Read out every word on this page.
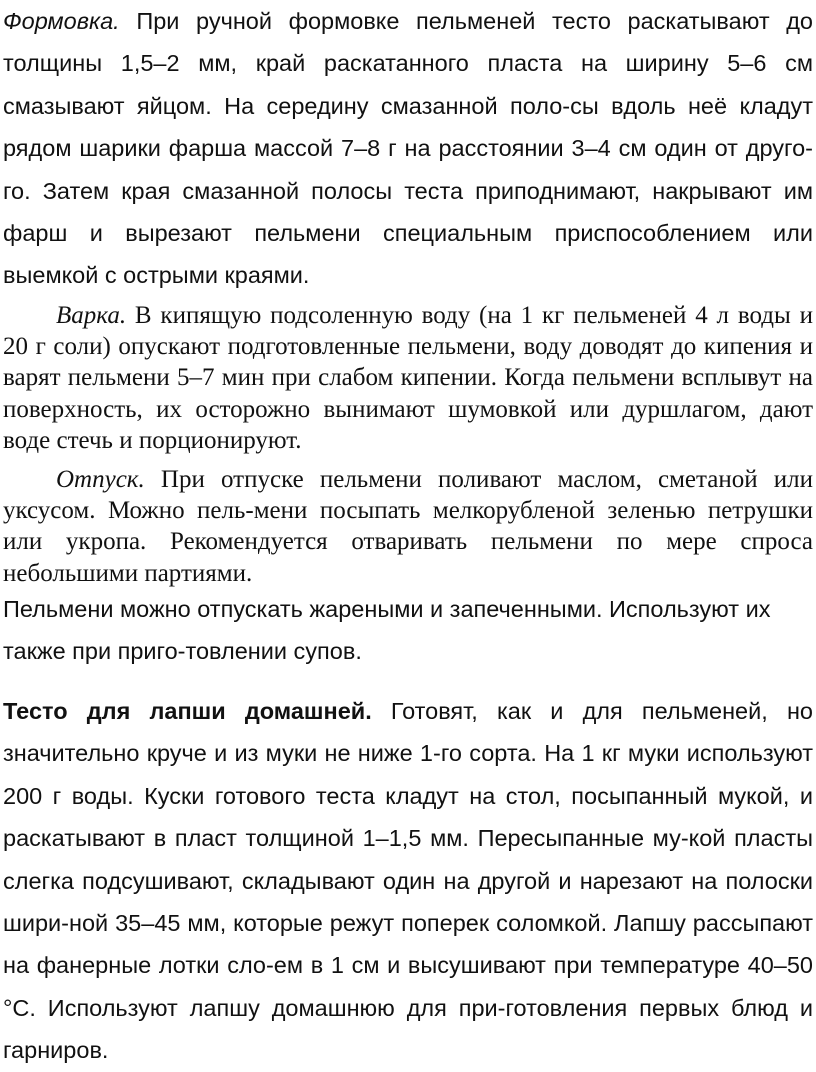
Формовка. При ручной формовке пельменей тесто раскатывают до толщины 1,5–2 мм, край раскатанного пласта на ширину 5–6 см смазывают яйцом. На середину смазанной поло-сы вдоль неё кладут рядом шарики фарша массой 7–8 г на расстоянии 3–4 см один от друго-го. Затем края смазанной полосы теста приподнимают, накрывают им фарш и вырезают пельмени специальным приспособлением или выемкой с острыми краями.

Варка. В кипящую подсоленную воду (на 1 кг пельменей 4 л воды и 20 г соли) опускают подготовленные пельмени, воду доводят до кипения и варят пельмени 5–7 мин при слабом кипении. Когда пельмени всплывут на поверхность, их осторожно вынимают шумовкой или дуршлагом, дают воде стечь и порционируют.

Отпуск. При отпуске пельмени поливают маслом, сметаной или уксусом. Можно пель-мени посыпать мелкорубленой зеленью петрушки или укропа. Рекомендуется отваривать пельмени по мере спроса небольшими партиями.

Пельмени можно отпускать жареными и запеченными. Используют их также при приго-товлении супов.

Тесто для лапши домашней. Готовят, как и для пельменей, но значительно круче и из муки не ниже 1-го сорта. На 1 кг муки используют 200 г воды. Куски готового теста кладут на стол, посыпанный мукой, и раскатывают в пласт толщиной 1–1,5 мм. Пересыпанные му-кой пласты слегка подсушивают, складывают один на другой и нарезают на полоски шири-ной 35–45 мм, которые режут поперек соломкой. Лапшу рассыпают на фанерные лотки сло-ем в 1 см и высушивают при температуре 40–50 °С. Используют лапшу домашнюю для при-готовления первых блюд и гарниров.
